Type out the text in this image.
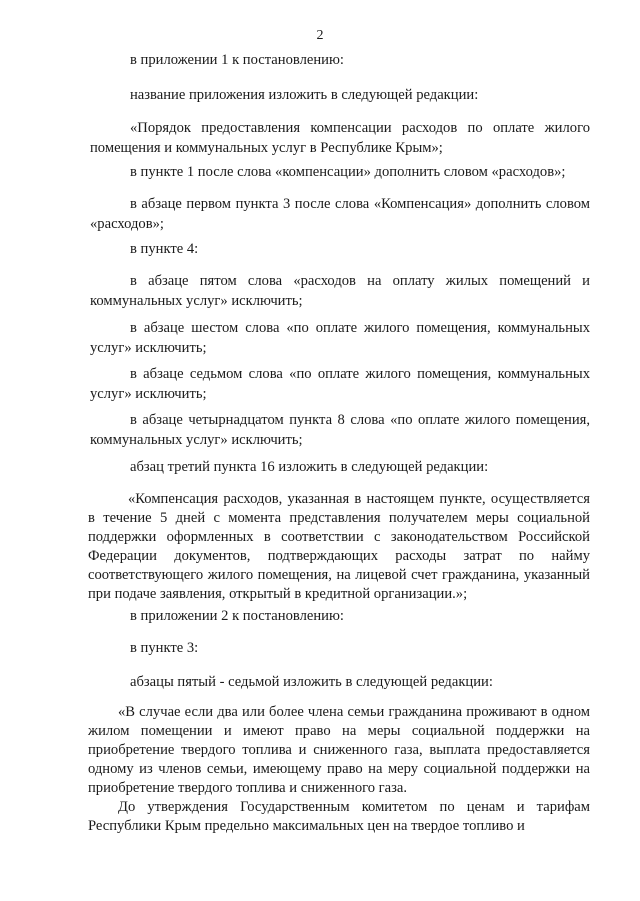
2

в приложении 1 к постановлению:

название приложения изложить в следующей редакции:

«Порядок предоставления компенсации расходов по оплате жилого помещения и коммунальных услуг в Республике Крым»;

в пункте 1 после слова «компенсации» дополнить словом «расходов»;

в абзаце первом пункта 3 после слова «Компенсация» дополнить словом «расходов»;

в пункте 4:

в абзаце пятом слова «расходов на оплату жилых помещений и коммунальных услуг» исключить;

в абзаце шестом слова «по оплате жилого помещения, коммунальных услуг» исключить;

в абзаце седьмом слова «по оплате жилого помещения, коммунальных услуг» исключить;

в абзаце четырнадцатом пункта 8 слова «по оплате жилого помещения, коммунальных услуг» исключить;

абзац третий пункта 16 изложить в следующей редакции:

«Компенсация расходов, указанная в настоящем пункте, осуществляется в течение 5 дней с момента представления получателем меры социальной поддержки оформленных в соответствии с законодательством Российской Федерации документов, подтверждающих расходы затрат по найму соответствующего жилого помещения, на лицевой счет гражданина, указанный при подаче заявления, открытый в кредитной организации.»;

в приложении 2 к постановлению:

в пункте 3:

абзацы пятый - седьмой изложить в следующей редакции:

«В случае если два или более члена семьи гражданина проживают в одном жилом помещении и имеют право на меры социальной поддержки на приобретение твердого топлива и сниженного газа, выплата предоставляется одному из членов семьи, имеющему право на меру социальной поддержки на приобретение твердого топлива и сниженного газа.

До утверждения Государственным комитетом по ценам и тарифам Республики Крым предельно максимальных цен на твердое топливо и
